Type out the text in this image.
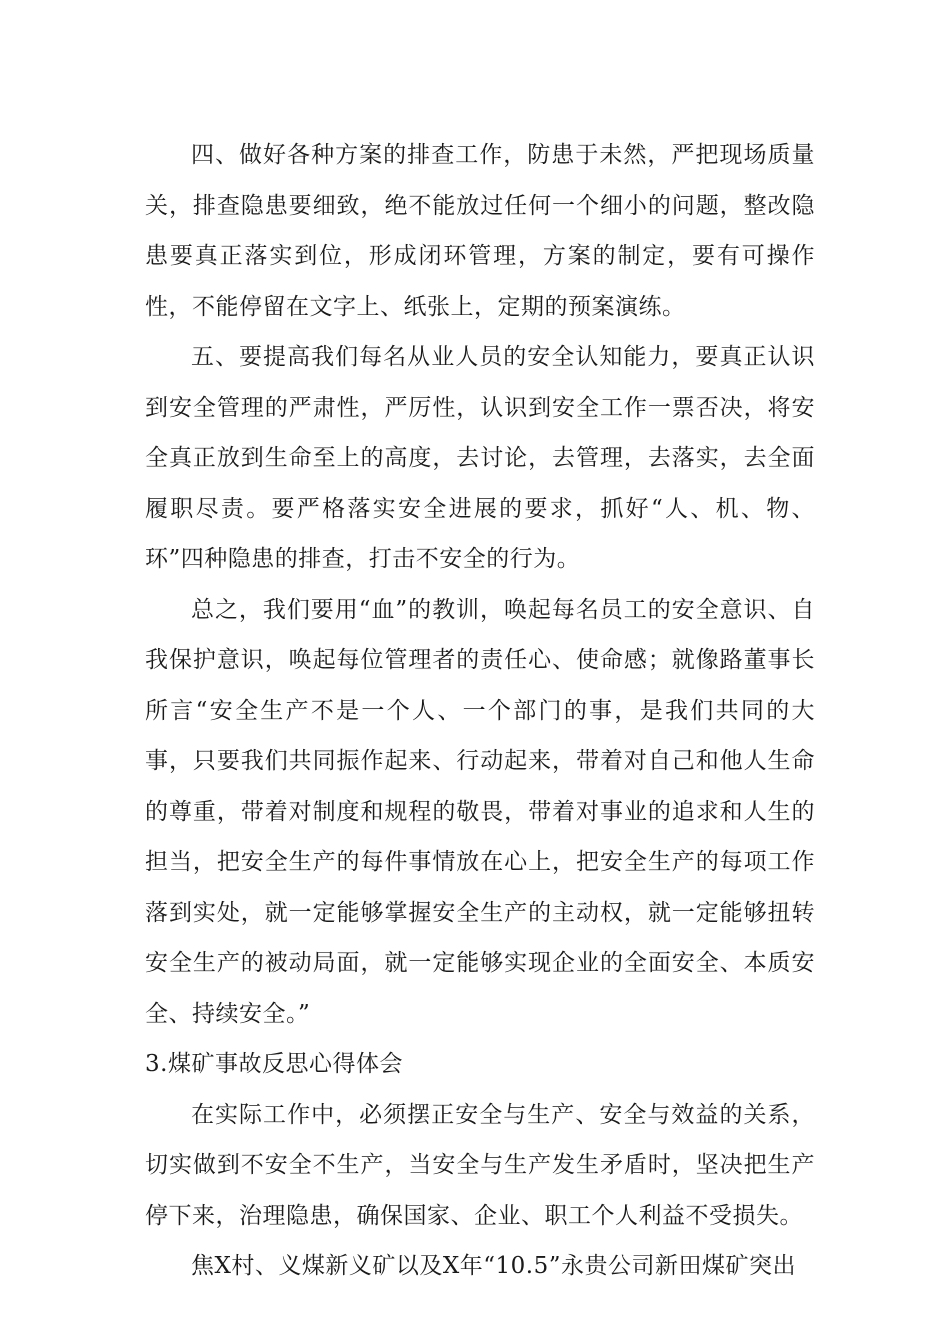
四、做好各种方案的排查工作，防患于未然，严把现场质量关，排查隐患要细致，绝不能放过任何一个细小的问题，整改隐患要真正落实到位，形成闭环管理，方案的制定，要有可操作性，不能停留在文字上、纸张上，定期的预案演练。

五、要提高我们每名从业人员的安全认知能力，要真正认识到安全管理的严肃性，严厉性，认识到安全工作一票否决，将安全真正放到生命至上的高度，去讨论，去管理，去落实，去全面履职尽责。要严格落实安全进展的要求，抓好“人、机、物、环”四种隐患的排查，打击不安全的行为。

总之，我们要用“血”的教训，唤起每名员工的安全意识、自我保护意识，唤起每位管理者的责任心、使命感；就像路董事长所言“安全生产不是一个人、一个部门的事，是我们共同的大事，只要我们共同振作起来、行动起来，带着对自己和他人生命的尊重，带着对制度和规程的敬畏，带着对事业的追求和人生的担当，把安全生产的每件事情放在心上，把安全生产的每项工作落到实处，就一定能够掌握安全生产的主动权，就一定能够扭转安全生产的被动局面，就一定能够实现企业的全面安全、本质安全、持续安全。”

3.煤矿事故反思心得体会

在实际工作中，必须摆正安全与生产、安全与效益的关系，切实做到不安全不生产，当安全与生产发生矛盾时，坚决把生产停下来，治理隐患，确保国家、企业、职工个人利益不受损失。

焦X村、义煤新义矿以及X年“10.5”永贵公司新田煤矿突出
